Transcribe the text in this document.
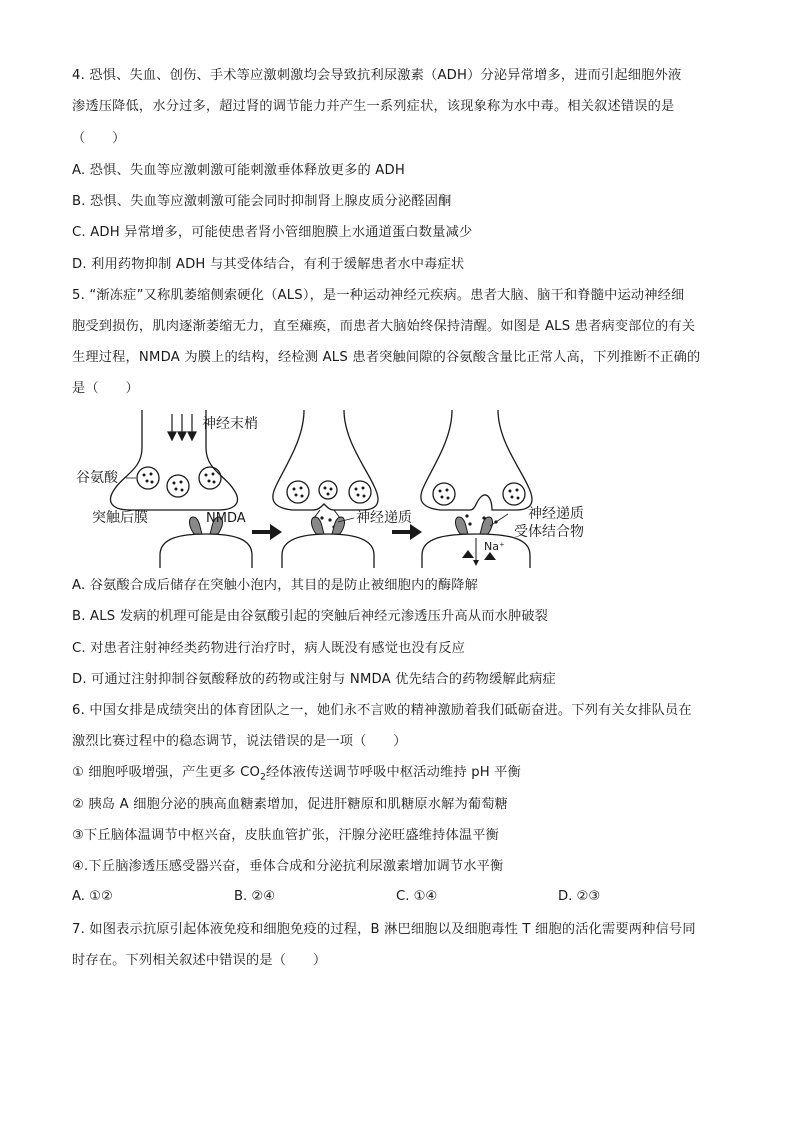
4. 恐惧、失血、创伤、手术等应激刺激均会导致抗利尿激素（ADH）分泌异常增多，进而引起细胞外液
渗透压降低，水分过多，超过肾的调节能力并产生一系列症状，该现象称为水中毒。相关叙述错误的是
（　　）
A. 恐惧、失血等应激刺激可能刺激垂体释放更多的 ADH
B. 恐惧、失血等应激刺激可能会同时抑制肾上腺皮质分泌醛固酮
C. ADH 异常增多，可能使患者肾小管细胞膜上水通道蛋白数量减少
D. 利用药物抑制 ADH 与其受体结合，有利于缓解患者水中毒症状
5. “渐冻症”又称肌萎缩侧索硬化（ALS），是一种运动神经元疾病。患者大脑、脑干和脊髓中运动神经细
胞受到损伤，肌肉逐渐萎缩无力，直至瘫痪，而患者大脑始终保持清醒。如图是 ALS 患者病变部位的有关
生理过程，NMDA 为膜上的结构，经检测 ALS 患者突触间隙的谷氨酸含量比正常人高，下列推断不正确的
是（　　）
神经末梢
谷氨酸
突触后膜	NMDA	神经递质	神经递质
受体结合物
Na⁺
A. 谷氨酸合成后储存在突触小泡内，其目的是防止被细胞内的酶降解
B. ALS 发病的机理可能是由谷氨酸引起的突触后神经元渗透压升高从而水肿破裂
C. 对患者注射神经类药物进行治疗时，病人既没有感觉也没有反应
D. 可通过注射抑制谷氨酸释放的药物或注射与 NMDA 优先结合的药物缓解此病症
6. 中国女排是成绩突出的体育团队之一，她们永不言败的精神激励着我们砥砺奋进。下列有关女排队员在
激烈比赛过程中的稳态调节，说法错误的是一项（　　）
① 细胞呼吸增强，产生更多 $CO_2$经体液传送调节呼吸中枢活动维持 pH 平衡
② 胰岛 A 细胞分泌的胰高血糖素增加，促进肝糖原和肌糖原水解为葡萄糖
③下丘脑体温调节中枢兴奋，皮肤血管扩张，汗腺分泌旺盛维持体温平衡
④.下丘脑渗透压感受器兴奋，垂体合成和分泌抗利尿激素增加调节水平衡
A. ①②	B. ②④	C. ①④	D. ②③
7. 如图表示抗原引起体液免疫和细胞免疫的过程，B 淋巴细胞以及细胞毒性 T 细胞的活化需要两种信号同
时存在。下列相关叙述中错误的是（　　）
